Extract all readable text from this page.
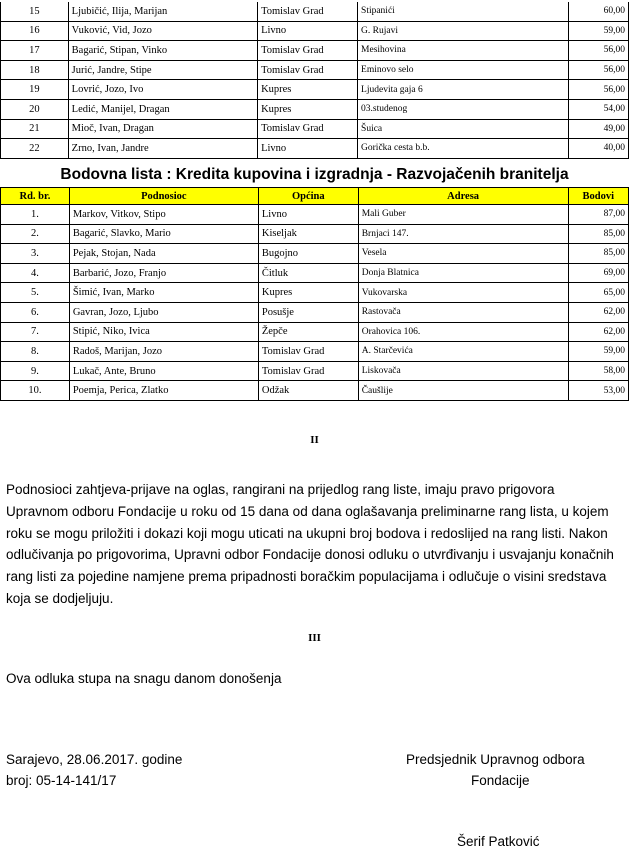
15	Ljubičić, Ilija, Marijan	Tomislav Grad	Stipanići	60,00
16	Vuković, Vid, Jozo	Livno	G. Rujavi	59,00
17	Bagarić, Stipan, Vinko	Tomislav Grad	Mesihovina	56,00
18	Jurić, Jandre, Stipe	Tomislav Grad	Eminovo selo	56,00
19	Lovrić, Jozo, Ivo	Kupres	Ljudevita gaja 6	56,00
20	Ledić, Manijel, Dragan	Kupres	03.studenog	54,00
21	Mioč, Ivan, Dragan	Tomislav Grad	Šuica	49,00
22	Zrno, Ivan, Jandre	Livno	Gorička cesta b.b.	40,00
Bodovna lista : Kredita kupovina i izgradnja - Razvojačenih branitelja
Rd. br.	Podnosioc	Općina	Adresa	Bodovi
1.	Markov, Vitkov, Stipo	Livno	Mali Guber	87,00
2.	Bagarić, Slavko, Mario	Kiseljak	Brnjaci 147.	85,00
3.	Pejak, Stojan, Nada	Bugojno	Vesela	85,00
4.	Barbarić, Jozo, Franjo	Čitluk	Donja Blatnica	69,00
5.	Šimić, Ivan, Marko	Kupres	Vukovarska	65,00
6.	Gavran, Jozo, Ljubo	Posušje	Rastovača	62,00
7.	Stipić, Niko, Ivica	Žepče	Orahovica 106.	62,00
8.	Radoš, Marijan, Jozo	Tomislav Grad	A. Starčevića	59,00
9.	Lukač, Ante, Bruno	Tomislav Grad	Liskovača	58,00
10.	Poemja, Perica, Zlatko	Odžak	Čaušlije	53,00
II
Podnosioci zahtjeva-prijave na oglas, rangirani na prijedlog rang liste, imaju pravo prigovora Upravnom odboru Fondacije u roku od 15 dana od dana oglašavanja preliminarne rang lista, u kojem roku se mogu priložiti i dokazi koji mogu uticati na ukupni broj bodova i redoslijed na rang listi. Nakon odlučivanja po prigovorima, Upravni odbor Fondacije donosi odluku o utvrđivanju i usvajanju konačnih rang listi za pojedine namjene prema pripadnosti boračkim populacijama i odlučuje o visini sredstava koja se dodjeljuju.
III
Ova odluka stupa na snagu danom donošenja
Sarajevo, 28.06.2017. godine
broj: 05-14-141/17
Predsjednik Upravnog odbora
Fondacije
Šerif Patković
